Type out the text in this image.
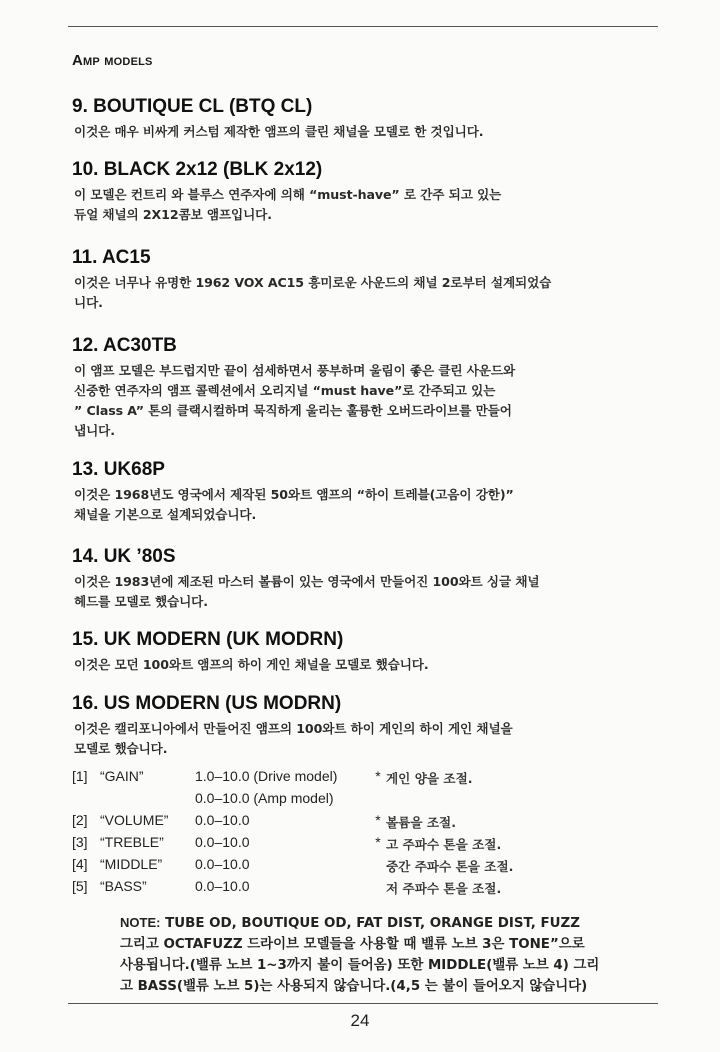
Amp models
9. BOUTIQUE CL (BTQ CL)

이것은 매우 비싸게 커스텀 제작한 앰프의 클린 채널을 모델로 한 것입니다.

10. BLACK 2x12 (BLK 2x12)

이 모델은 컨트리 와 블루스 연주자에 의해 “must-have” 로 간주 되고 있는
듀얼 채널의 2X12콤보 앰프입니다.

11. AC15

이것은 너무나 유명한 1962 VOX AC15 흥미로운 사운드의 채널 2로부터 설계되었습
니다.

12. AC30TB

이 앰프 모델은 부드럽지만 끝이 섬세하면서 풍부하며 울림이 좋은 클린 사운드와
신중한 연주자의 앰프 콜렉션에서 오리지널 “must have”로 간주되고 있는
” Class A” 톤의 클랙시컬하며 묵직하게 울리는 훌륭한 오버드라이브를 만들어
냅니다.

13. UK68P

이것은 1968년도 영국에서 제작된 50와트 앰프의 “하이 트레블(고음이 강한)”
채널을 기본으로 설계되었습니다.

14. UK ’80S

이것은 1983년에 제조된 마스터 볼륨이 있는 영국에서 만들어진 100와트 싱글 채널
헤드를 모델로 했습니다.

15. UK MODERN (UK MODRN)

이것은 모던 100와트 앰프의 하이 게인 채널을 모델로 했습니다.

16. US MODERN (US MODRN)

이것은 캘리포니아에서 만들어진 앰프의 100와트 하이 게인의 하이 게인 채널을
모델로 했습니다.

[1]	“GAIN”	1.0–10.0 (Drive model)	*	게인 양을 조절.
		0.0–10.0 (Amp model)		
[2]	“VOLUME”	0.0–10.0	*	볼륨을 조절.
[3]	“TREBLE”	0.0–10.0	*	고 주파수 톤을 조절.
[4]	“MIDDLE”	0.0–10.0		중간 주파수 톤을 조절.
[5]	“BASS”	0.0–10.0		저 주파수 톤을 조절.
NOTE: TUBE OD, BOUTIQUE OD, FAT DIST, ORANGE DIST, FUZZ
그리고 OCTAFUZZ 드라이브 모델들을 사용할 때 밸류 노브 3은 TONE”으로
사용됩니다.(밸류 노브 1~3까지 불이 들어옴) 또한 MIDDLE(밸류 노브 4) 그리
고 BASS(밸류 노브 5)는 사용되지 않습니다.(4,5 는 불이 들어오지 않습니다)
24
